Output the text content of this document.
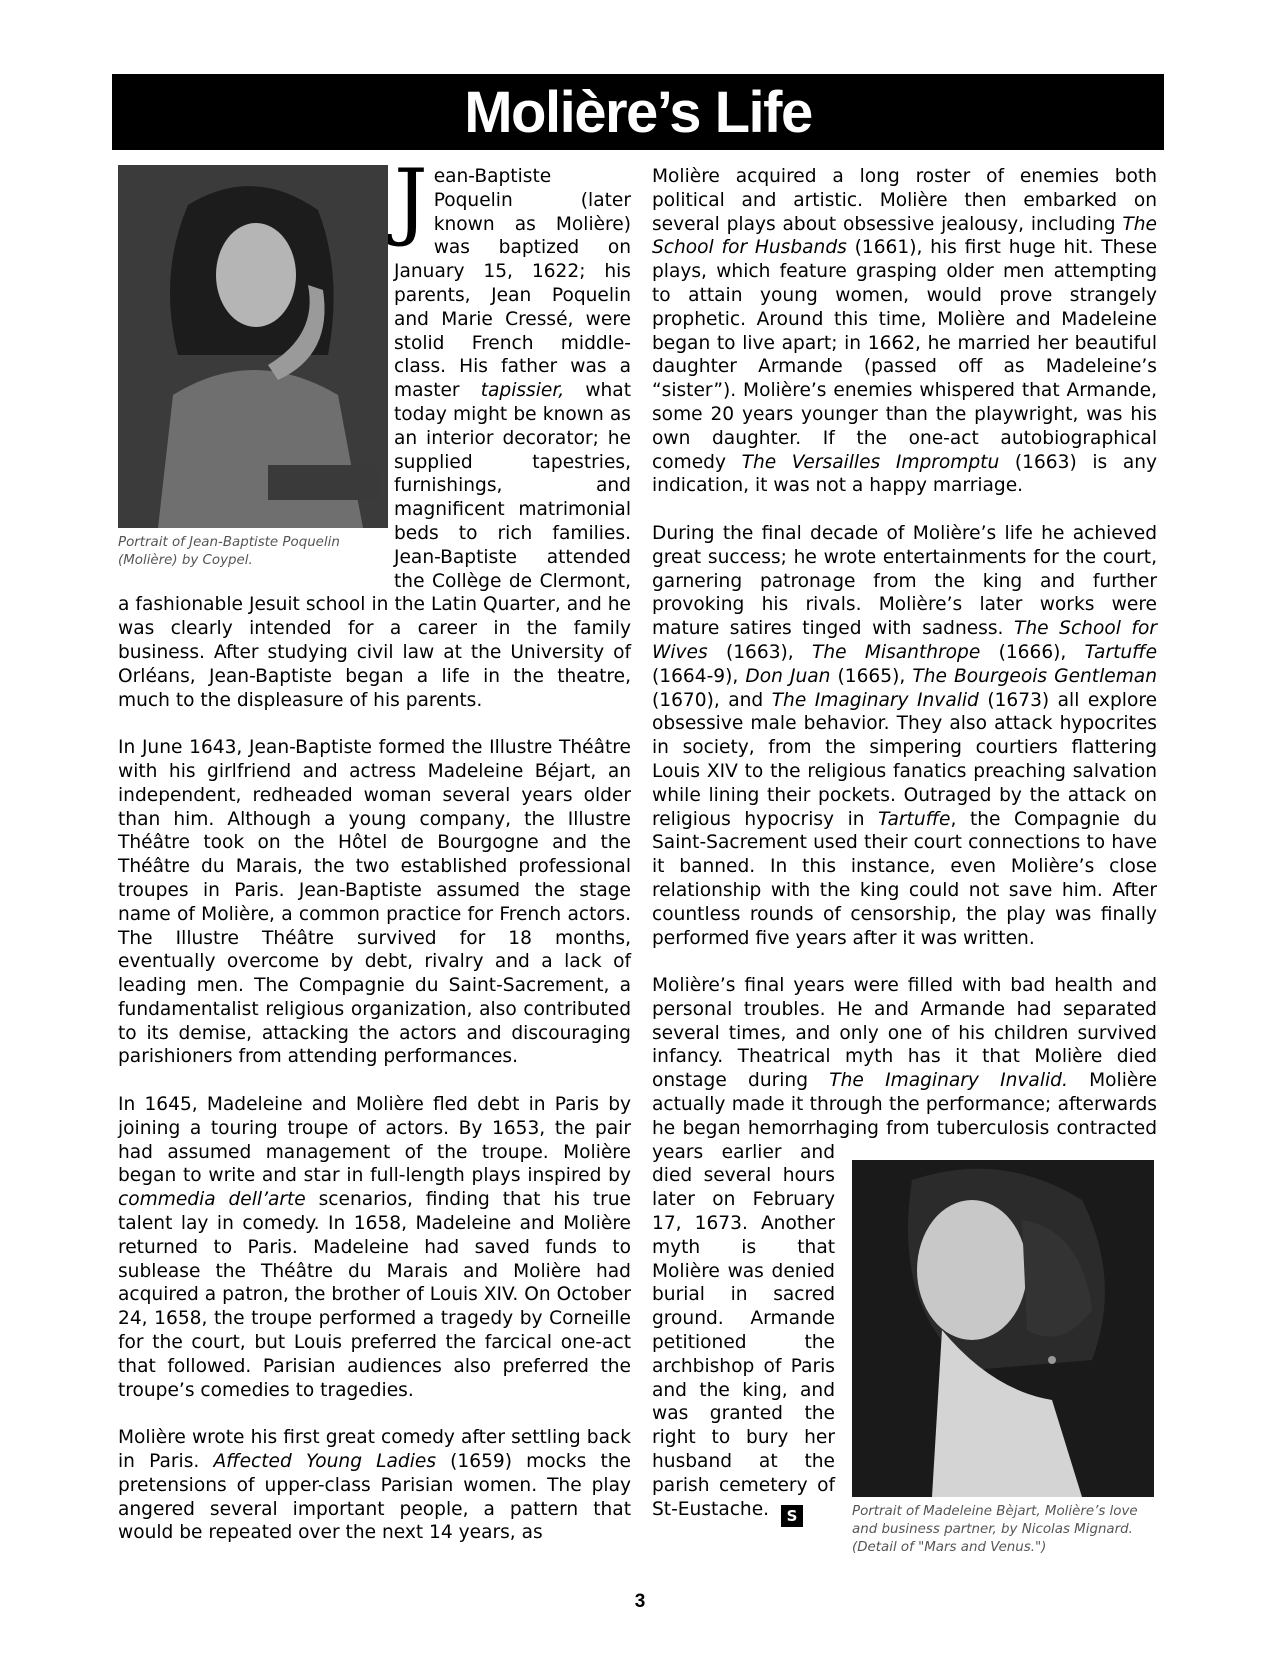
Molière’s Life
Portrait of Jean-Baptiste Poquelin (Molière) by Coypel.

Jean-Baptiste Poquelin (later known as Molière) was baptized on January 15, 1622; his parents, Jean Poquelin and Marie Cressé, were stolid French middle-class. His father was a master tapissier, what today might be known as an interior decorator; he supplied tapestries, furnishings, and magnificent matrimonial beds to rich families. Jean-Baptiste attended the Collège de Clermont, a fashionable Jesuit school in the Latin Quarter, and he was clearly intended for a career in the family business. After studying civil law at the University of Orléans, Jean-Baptiste began a life in the theatre, much to the displeasure of his parents.

In June 1643, Jean-Baptiste formed the Illustre Théâtre with his girlfriend and actress Madeleine Béjart, an independent, redheaded woman several years older than him. Although a young company, the Illustre Théâtre took on the Hôtel de Bourgogne and the Théâtre du Marais, the two established professional troupes in Paris. Jean-Baptiste assumed the stage name of Molière, a common practice for French actors. The Illustre Théâtre survived for 18 months, eventually overcome by debt, rivalry and a lack of leading men. The Compagnie du Saint-Sacrement, a fundamentalist religious organization, also contributed to its demise, attacking the actors and discouraging parishioners from attending performances.

In 1645, Madeleine and Molière fled debt in Paris by joining a touring troupe of actors. By 1653, the pair had assumed management of the troupe. Molière began to write and star in full-length plays inspired by commedia dell’arte scenarios, finding that his true talent lay in comedy. In 1658, Madeleine and Molière returned to Paris. Madeleine had saved funds to sublease the Théâtre du Marais and Molière had acquired a patron, the brother of Louis XIV. On October 24, 1658, the troupe performed a tragedy by Corneille for the court, but Louis preferred the farcical one-act that followed. Parisian audiences also preferred the troupe’s comedies to tragedies.

Molière wrote his first great comedy after settling back in Paris. Affected Young Ladies (1659) mocks the pretensions of upper-class Parisian women. The play angered several important people, a pattern that would be repeated over the next 14 years, as

Molière acquired a long roster of enemies both political and artistic. Molière then embarked on several plays about obsessive jealousy, including The School for Husbands (1661), his first huge hit. These plays, which feature grasping older men attempting to attain young women, would prove strangely prophetic. Around this time, Molière and Madeleine began to live apart; in 1662, he married her beautiful daughter Armande (passed off as Madeleine’s “sister”). Molière’s enemies whispered that Armande, some 20 years younger than the playwright, was his own daughter. If the one-act autobiographical comedy The Versailles Impromptu (1663) is any indication, it was not a happy marriage.

During the final decade of Molière’s life he achieved great success; he wrote entertainments for the court, garnering patronage from the king and further provoking his rivals. Molière’s later works were mature satires tinged with sadness. The School for Wives (1663), The Misanthrope (1666), Tartuffe (1664-9), Don Juan (1665), The Bourgeois Gentleman (1670), and The Imaginary Invalid (1673) all explore obsessive male behavior. They also attack hypocrites in society, from the simpering courtiers flattering Louis XIV to the religious fanatics preaching salvation while lining their pockets. Outraged by the attack on religious hypocrisy in Tartuffe, the Compagnie du Saint-Sacrement used their court connections to have it banned. In this instance, even Molière’s close relationship with the king could not save him. After countless rounds of censorship, the play was finally performed five years after it was written.

Molière’s final years were filled with bad health and personal troubles. He and Armande had separated several times, and only one of his children survived infancy. Theatrical myth has it that Molière died onstage during The Imaginary Invalid. Molière actually made it through the performance; afterwards he began hemorrhaging from tuberculosis contracted years earlier and died several hours later on February 17, 1673. Another myth is that Molière was denied burial in sacred ground. Armande petitioned the archbishop of Paris and the king, and was granted the right to bury her husband at the parish cemetery of St-Eustache. S	Portrait of Madeleine Bèjart, Molière’s love and business partner, by Nicolas Mignard. (Detail of "Mars and Venus.")
3
